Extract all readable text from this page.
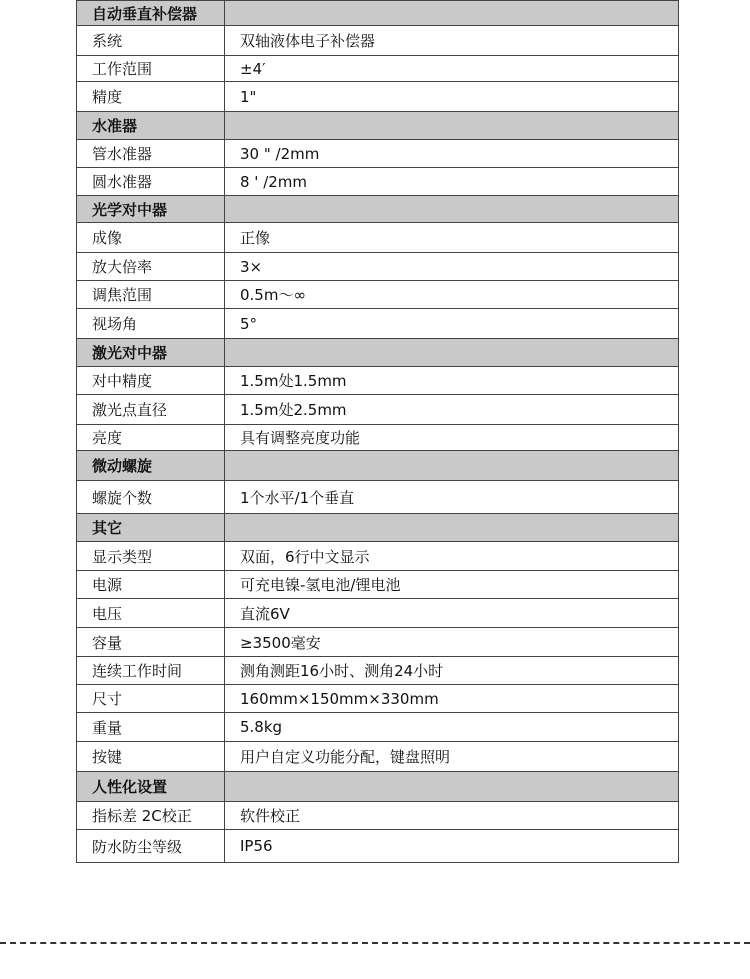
自动垂直补偿器	
系统	双轴液体电子补偿器
工作范围	±4′
精度	1"
水准器	
管水准器	30 " /2mm
圆水准器	8 ' /2mm
光学对中器	
成像	正像
放大倍率	3×
调焦范围	0.5m～∞
视场角	5°
激光对中器	
对中精度	1.5m处1.5mm
激光点直径	1.5m处2.5mm
亮度	具有调整亮度功能
微动螺旋	
螺旋个数	1个水平/1个垂直
其它	
显示类型	双面，6行中文显示
电源	可充电镍-氢电池/锂电池
电压	直流6V
容量	≥3500毫安
连续工作时间	测角测距16小时、测角24小时
尺寸	160mm×150mm×330mm
重量	5.8kg
按键	用户自定义功能分配，键盘照明
人性化设置	
指标差 2C校正	软件校正
防水防尘等级	IP56
